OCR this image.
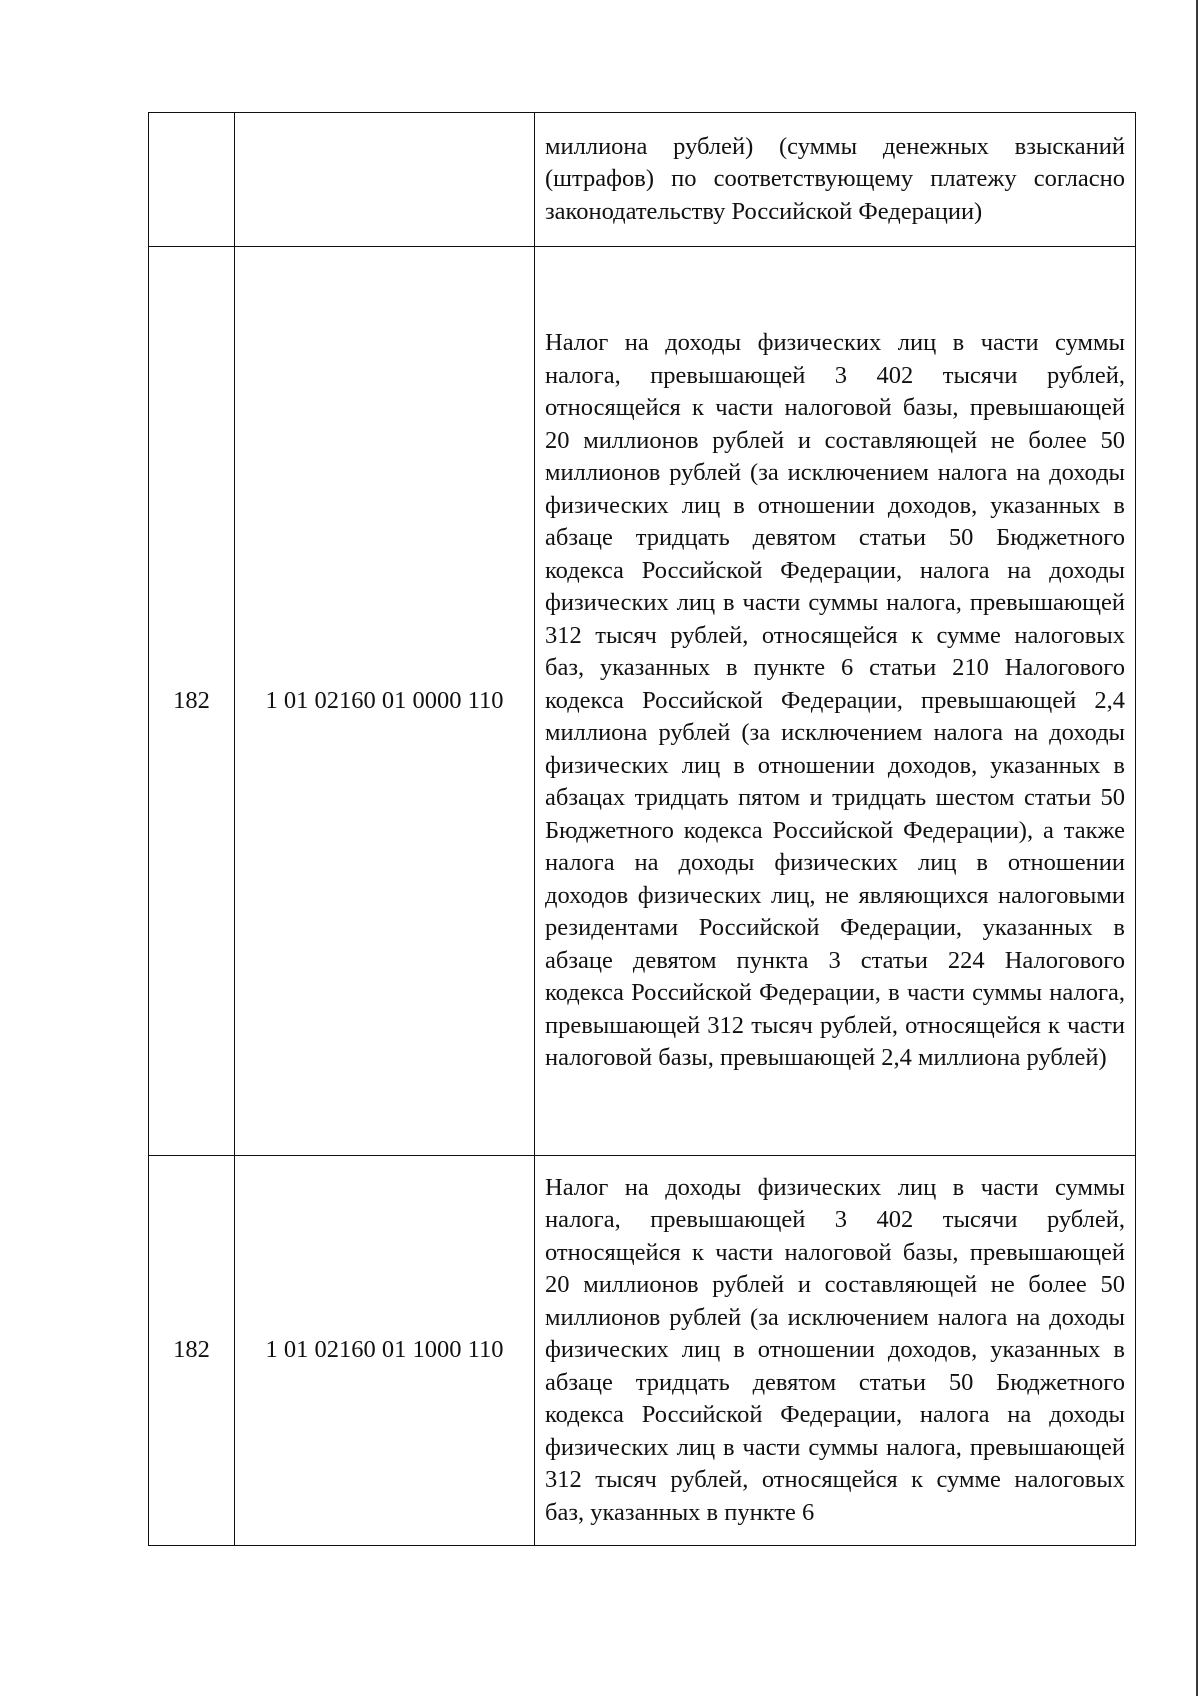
		миллиона рублей) (суммы денежных взысканий (штрафов) по соответствующему платежу согласно законодательству Российской Федерации)
182	1 01 02160 01 0000 110	Налог на доходы физических лиц в части суммы налога, превышающей 3 402 тысячи рублей, относящейся к части налоговой базы, превышающей 20 миллионов рублей и составляющей не более 50 миллионов рублей (за исключением налога на доходы физических лиц в отношении доходов, указанных в абзаце тридцать девятом статьи 50 Бюджетного кодекса Российской Федерации, налога на доходы физических лиц в части суммы налога, превышающей 312 тысяч рублей, относящейся к сумме налоговых баз, указанных в пункте 6 статьи 210 Налогового кодекса Российской Федерации, превышающей 2,4 миллиона рублей (за исключением налога на доходы физических лиц в отношении доходов, указанных в абзацах тридцать пятом и тридцать шестом статьи 50 Бюджетного кодекса Российской Федерации), а также налога на доходы физических лиц в отношении доходов физических лиц, не являющихся налоговыми резидентами Российской Федерации, указанных в абзаце девятом пункта 3 статьи 224 Налогового кодекса Российской Федерации, в части суммы налога, превышающей 312 тысяч рублей, относящейся к части налоговой базы, превышающей 2,4 миллиона рублей)
182	1 01 02160 01 1000 110	Налог на доходы физических лиц в части суммы налога, превышающей 3 402 тысячи рублей, относящейся к части налоговой базы, превышающей 20 миллионов рублей и составляющей не более 50 миллионов рублей (за исключением налога на доходы физических лиц в отношении доходов, указанных в абзаце тридцать девятом статьи 50 Бюджетного кодекса Российской Федерации, налога на доходы физических лиц в части суммы налога, превышающей 312 тысяч рублей, относящейся к сумме налоговых баз, указанных в пункте 6
